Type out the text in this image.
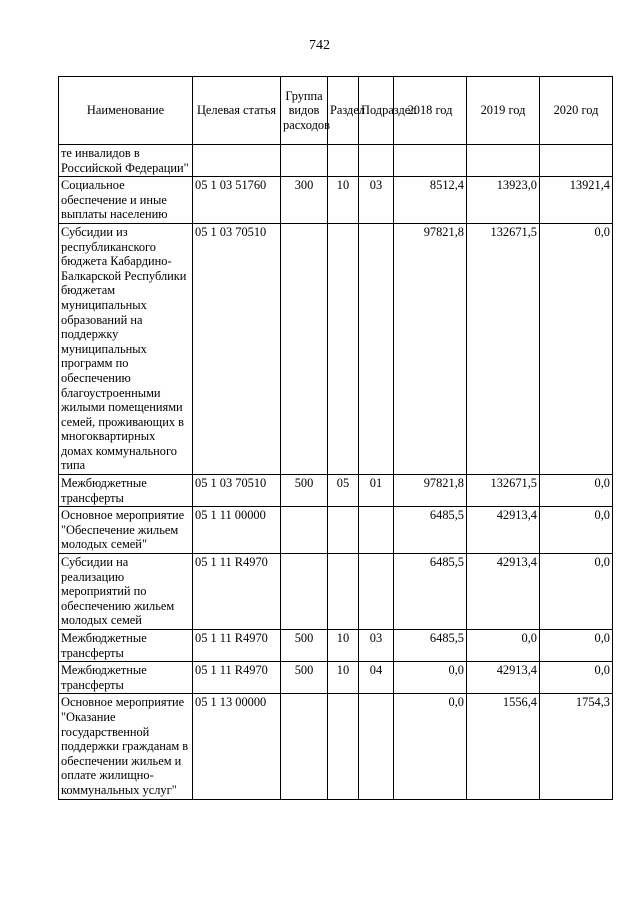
742
Наименование	Целевая статья	Группа видов расходов	Раздел	Подраздел	2018 год	2019 год	2020 год
те инвалидов в Российской Федерации"							
Социальное обеспечение и иные выплаты населению	05 1 03 51760	300	10	03	8512,4	13923,0	13921,4
Субсидии из республиканского бюджета Кабардино-Балкарской Республики бюджетам муниципальных образований на поддержку муниципальных программ по обеспечению благоустроенными жилыми помещениями семей, проживающих в многоквартирных домах коммунального типа	05 1 03 70510				97821,8	132671,5	0,0
Межбюджетные трансферты	05 1 03 70510	500	05	01	97821,8	132671,5	0,0
Основное мероприятие "Обеспечение жильем молодых семей"	05 1 11 00000				6485,5	42913,4	0,0
Субсидии на реализацию мероприятий по обеспечению жильем молодых семей	05 1 11 R4970				6485,5	42913,4	0,0
Межбюджетные трансферты	05 1 11 R4970	500	10	03	6485,5	0,0	0,0
Межбюджетные трансферты	05 1 11 R4970	500	10	04	0,0	42913,4	0,0
Основное мероприятие "Оказание государственной поддержки гражданам в обеспечении жильем и оплате жилищно-коммунальных услуг"	05 1 13 00000				0,0	1556,4	1754,3
